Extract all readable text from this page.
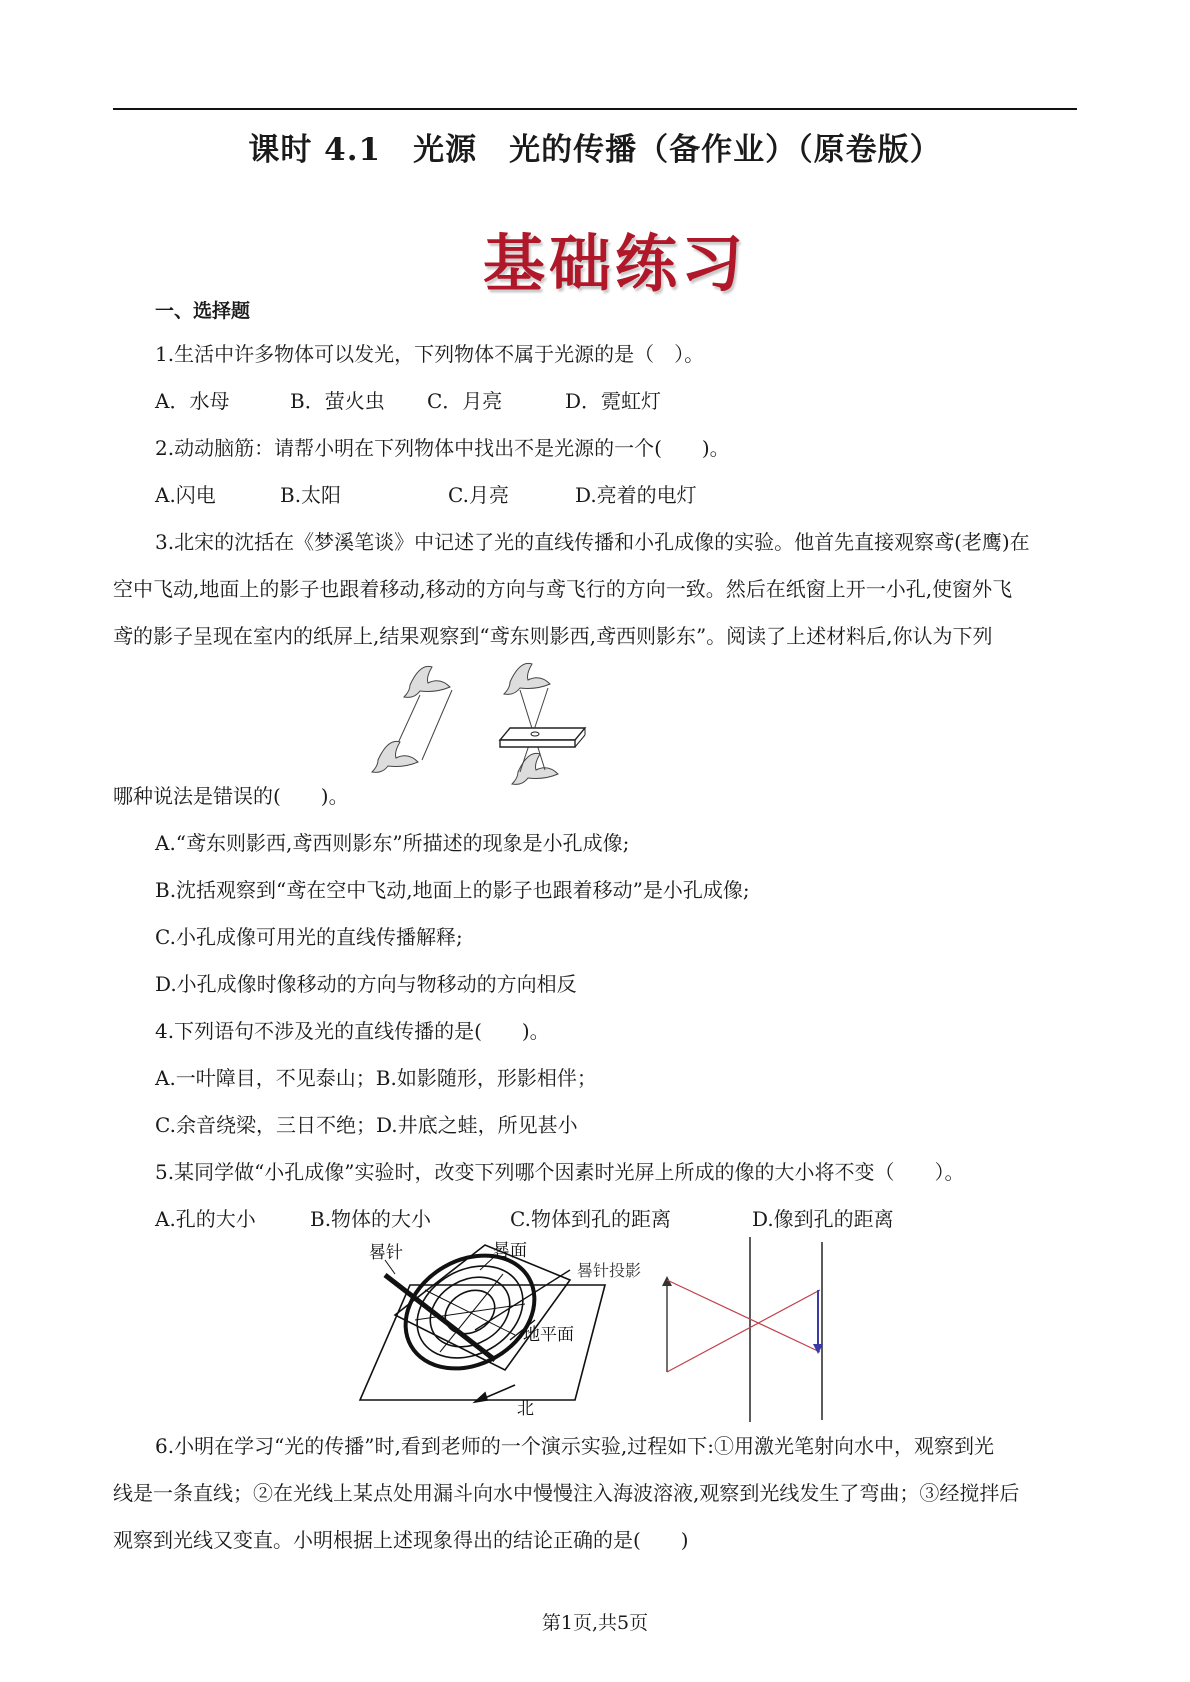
课时 4.1　光源　光的传播（备作业）（原卷版）
基础练习
一、选择题
1.生活中许多物体可以发光，下列物体不属于光源的是（　）。
A．水母	B．萤火虫 C．月亮	D．霓虹灯
2.动动脑筋：请帮小明在下列物体中找出不是光源的一个(　　)。
A.闪电	B.太阳	C.月亮	D.亮着的电灯
3.北宋的沈括在《梦溪笔谈》中记述了光的直线传播和小孔成像的实验。他首先直接观察鸢(老鹰)在
空中飞动,地面上的影子也跟着移动,移动的方向与鸢飞行的方向一致。然后在纸窗上开一小孔,使窗外飞
鸢的影子呈现在室内的纸屏上,结果观察到“鸢东则影西,鸢西则影东”。阅读了上述材料后,你认为下列
哪种说法是错误的(　　)。
A.“鸢东则影西,鸢西则影东”所描述的现象是小孔成像;
B.沈括观察到“鸢在空中飞动,地面上的影子也跟着移动”是小孔成像;
C.小孔成像可用光的直线传播解释;
D.小孔成像时像移动的方向与物移动的方向相反
4.下列语句不涉及光的直线传播的是(　　)。
A.一叶障目，不见泰山；B.如影随形，形影相伴；
C.余音绕梁，三日不绝；D.井底之蛙，所见甚小
5.某同学做“小孔成像”实验时，改变下列哪个因素时光屏上所成的像的大小将不变（　　）。
A.孔的大小	B.物体的大小	C.物体到孔的距离	D.像到孔的距离
晷针	晷面
晷针投影
地平面
北
6.小明在学习“光的传播”时,看到老师的一个演示实验,过程如下:①用激光笔射向水中，观察到光
线是一条直线；②在光线上某点处用漏斗向水中慢慢注入海波溶液,观察到光线发生了弯曲；③经搅拌后
观察到光线又变直。小明根据上述现象得出的结论正确的是(　　)
第1页,共5页
